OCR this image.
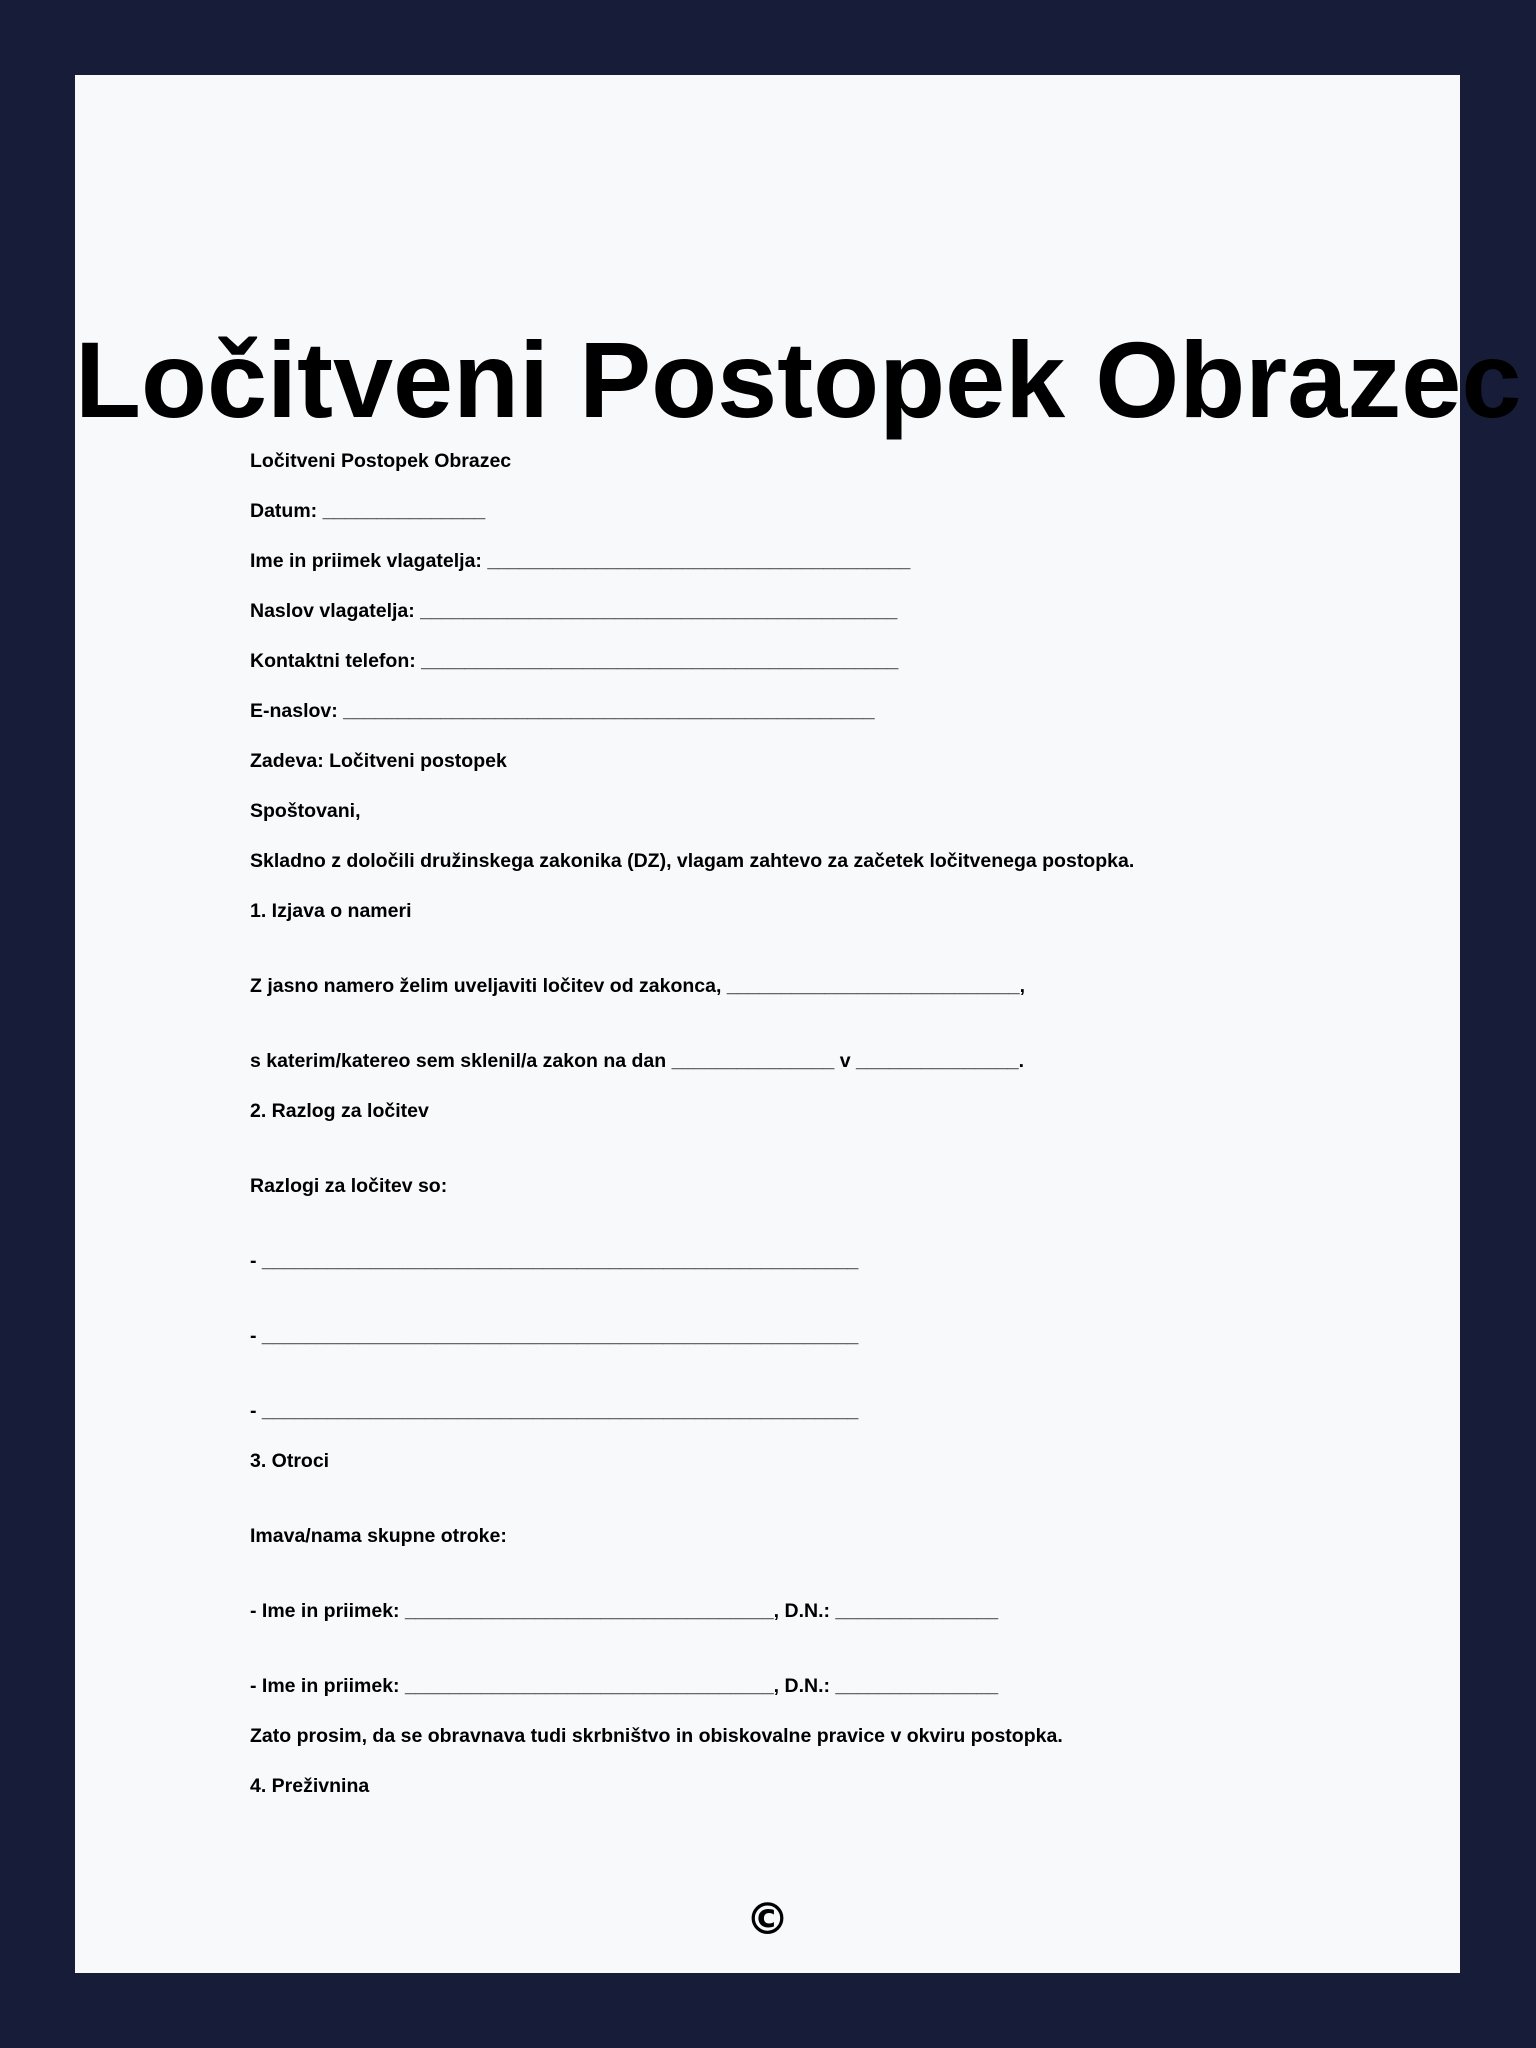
Ločitveni Postopek Obrazec

Ločitveni Postopek Obrazec

Datum: _______________

Ime in priimek vlagatelja: _______________________________________

Naslov vlagatelja: ____________________________________________

Kontaktni telefon: ____________________________________________

E-naslov: _________________________________________________

Zadeva: Ločitveni postopek

Spoštovani,

Skladno z določili družinskega zakonika (DZ), vlagam zahtevo za začetek ločitvenega postopka.

1. Izjava o nameri

Z jasno namero želim uveljaviti ločitev od zakonca, ___________________________,

s katerim/katereo sem sklenil/a zakon na dan _______________ v _______________.

2. Razlog za ločitev

Razlogi za ločitev so:

- _______________________________________________________

- _______________________________________________________

- _______________________________________________________

3. Otroci

Imava/nama skupne otroke:

- Ime in priimek: __________________________________, D.N.: _______________

- Ime in priimek: __________________________________, D.N.: _______________

Zato prosim, da se obravnava tudi skrbništvo in obiskovalne pravice v okviru postopka.

4. Preživnina

©
